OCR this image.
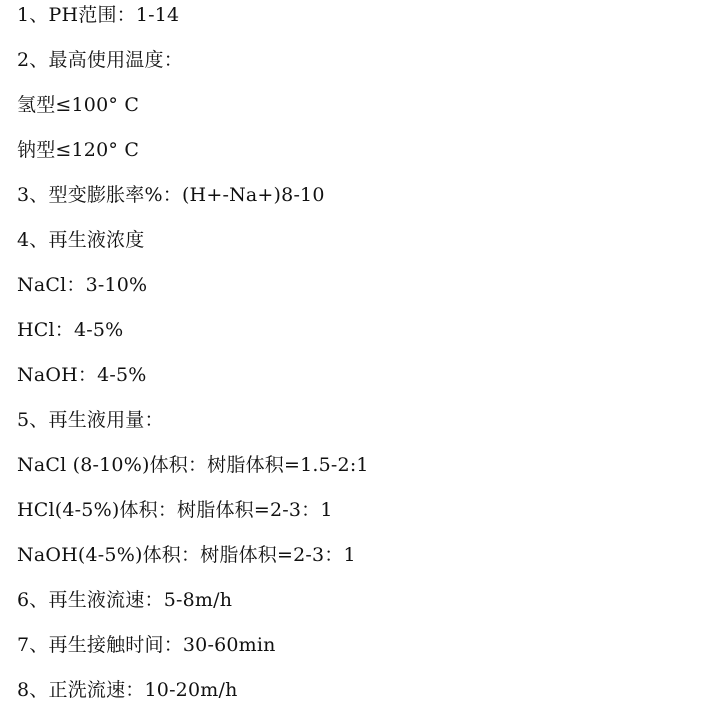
1、PH范围：1-14
2、最高使用温度：
氢型≤100° C
钠型≤120° C
3、型变膨胀率%：(H+-Na+)8-10
4、再生液浓度
NaCl：3-10%
HCl：4-5%
NaOH：4-5%
5、再生液用量：
NaCl (8-10%)体积：树脂体积=1.5-2:1
HCl(4-5%)体积：树脂体积=2-3：1
NaOH(4-5%)体积：树脂体积=2-3：1
6、再生液流速：5-8m/h
7、再生接触时间：30-60min
8、正洗流速：10-20m/h
